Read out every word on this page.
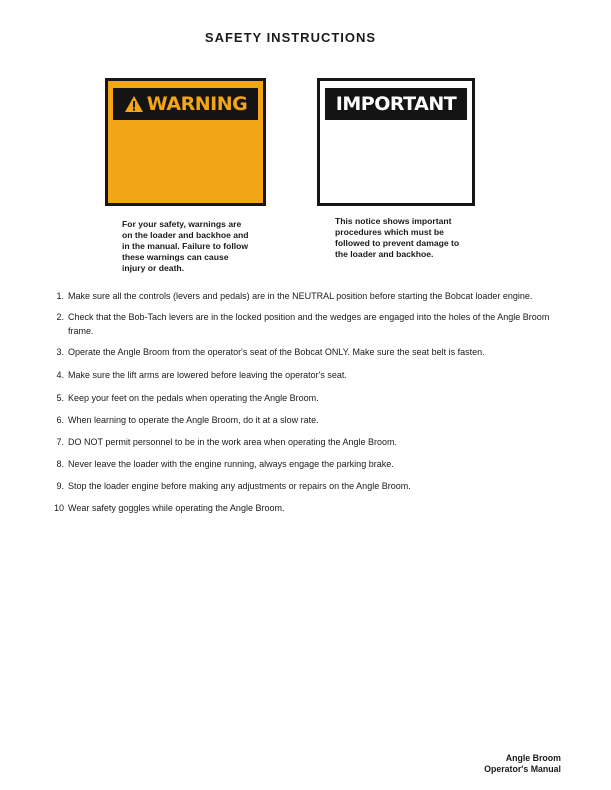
SAFETY INSTRUCTIONS
WARNING	IMPORTANT
For your safety, warnings are
on the loader and backhoe and
in the manual. Failure to follow
these warnings can cause
injury or death.
This notice shows important
procedures which must be
followed to prevent damage to
the loader and backhoe.
1. Make sure all the controls (levers and pedals) are in the NEUTRAL position before starting the Bobcat loader engine.
2. Check that the Bob-Tach levers are in the locked position and the wedges are engaged into the holes of the Angle Broom frame.
3. Operate the Angle Broom from the operator's seat of the Bobcat ONLY. Make sure the seat belt is fasten.
4. Make sure the lift arms are lowered before leaving the operator's seat.
5. Keep your feet on the pedals when operating the Angle Broom.
6. When learning to operate the Angle Broom, do it at a slow rate.
7. DO NOT permit personnel to be in the work area when operating the Angle Broom.
8. Never leave the loader with the engine running, always engage the parking brake.
9. Stop the loader engine before making any adjustments or repairs on the Angle Broom.
10 Wear safety goggles while operating the Angle Broom.
Angle Broom
Operator's Manual
